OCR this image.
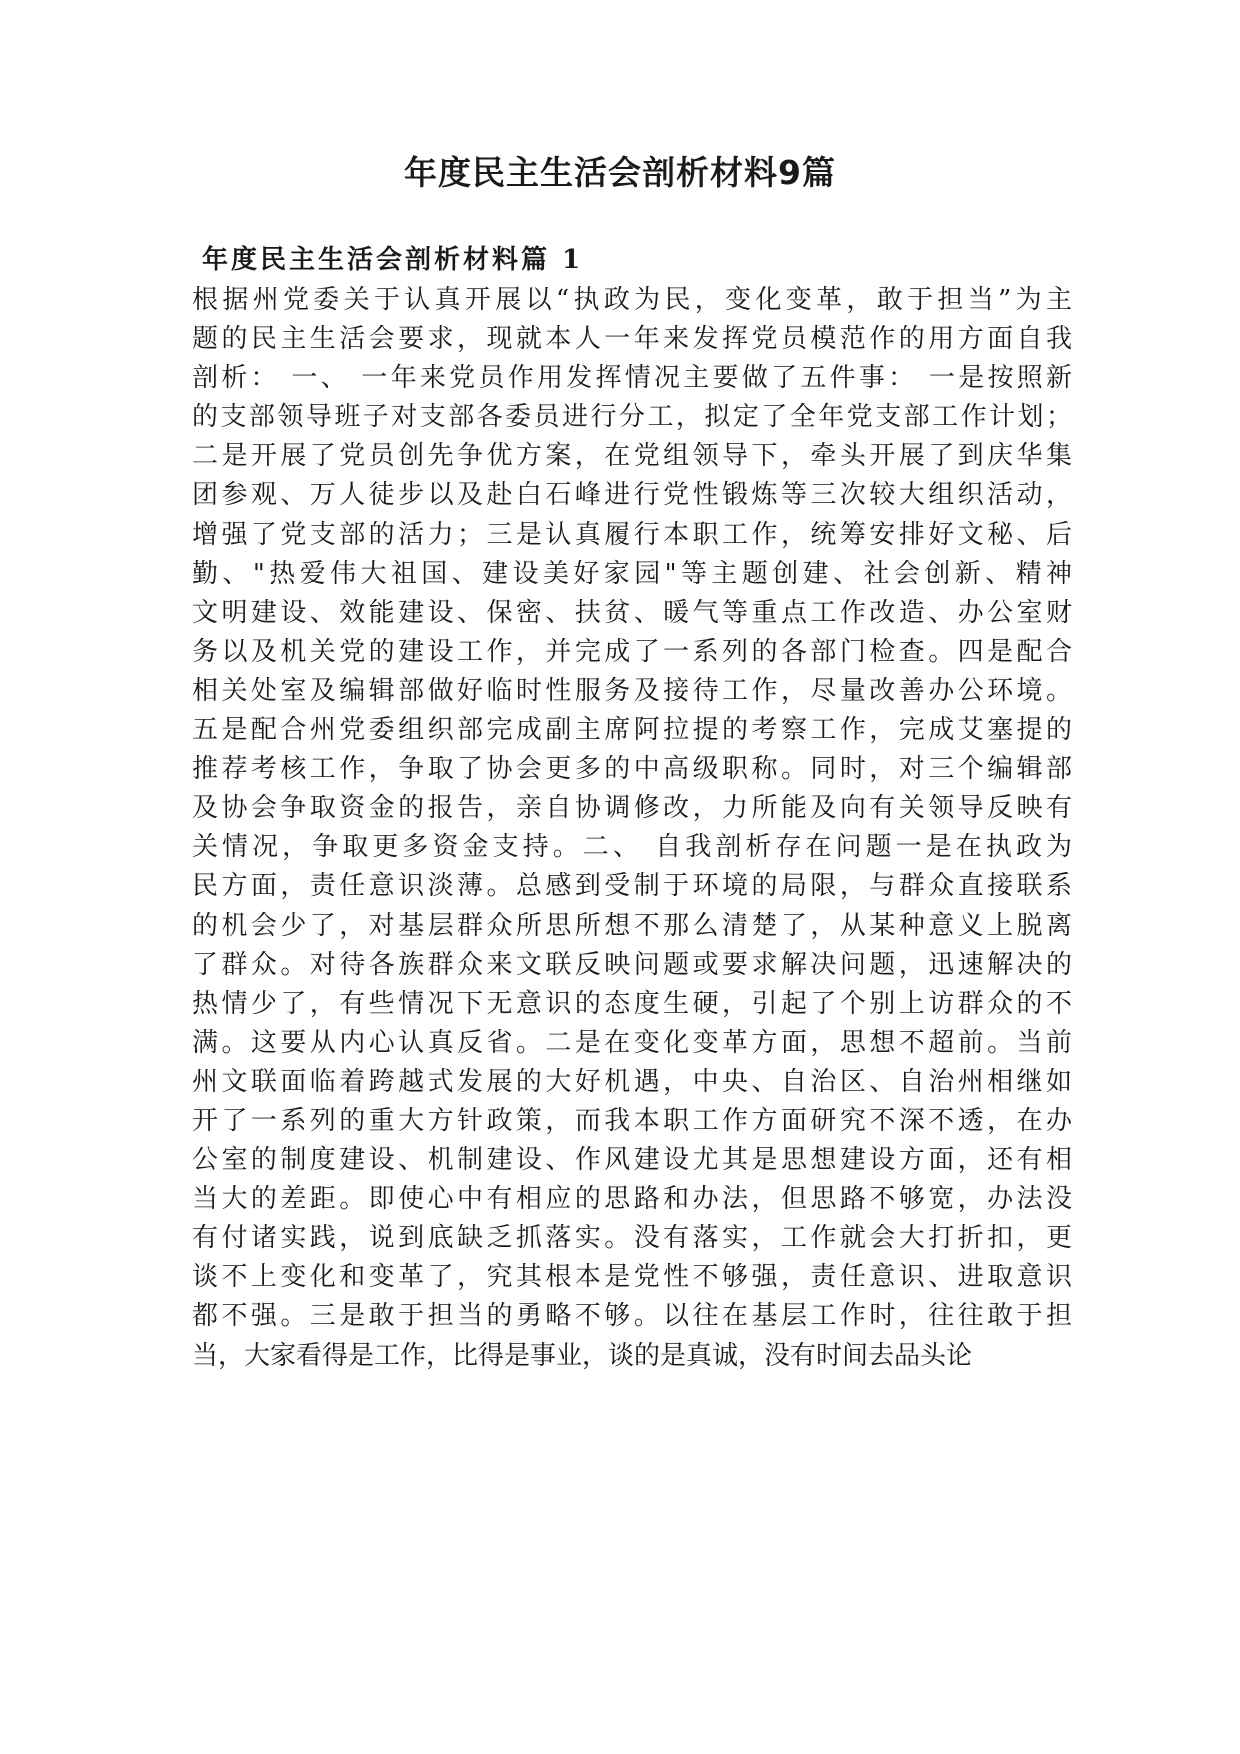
年度民主生活会剖析材料9篇
年度民主生活会剖析材料篇 1
根据州党委关于认真开展以“执政为民，变化变革，敢于担当”为主
题的民主生活会要求，现就本人一年来发挥党员模范作的用方面自我
剖析： 一、 一年来党员作用发挥情况主要做了五件事： 一是按照新
的支部领导班子对支部各委员进行分工，拟定了全年党支部工作计划；
二是开展了党员创先争优方案，在党组领导下，牵头开展了到庆华集
团参观、万人徒步以及赴白石峰进行党性锻炼等三次较大组织活动，
增强了党支部的活力；三是认真履行本职工作，统筹安排好文秘、后
勤、"热爱伟大祖国、建设美好家园"等主题创建、社会创新、精神
文明建设、效能建设、保密、扶贫、暖气等重点工作改造、办公室财
务以及机关党的建设工作，并完成了一系列的各部门检查。四是配合
相关处室及编辑部做好临时性服务及接待工作，尽量改善办公环境。
五是配合州党委组织部完成副主席阿拉提的考察工作，完成艾塞提的
推荐考核工作，争取了协会更多的中高级职称。同时，对三个编辑部
及协会争取资金的报告，亲自协调修改，力所能及向有关领导反映有
关情况，争取更多资金支持。二、 自我剖析存在问题一是在执政为
民方面，责任意识淡薄。总感到受制于环境的局限，与群众直接联系
的机会少了，对基层群众所思所想不那么清楚了，从某种意义上脱离
了群众。对待各族群众来文联反映问题或要求解决问题，迅速解决的
热情少了，有些情况下无意识的态度生硬，引起了个别上访群众的不
满。这要从内心认真反省。二是在变化变革方面，思想不超前。当前
州文联面临着跨越式发展的大好机遇，中央、自治区、自治州相继如
开了一系列的重大方针政策，而我本职工作方面研究不深不透，在办
公室的制度建设、机制建设、作风建设尤其是思想建设方面，还有相
当大的差距。即使心中有相应的思路和办法，但思路不够宽，办法没
有付诸实践，说到底缺乏抓落实。没有落实，工作就会大打折扣，更
谈不上变化和变革了，究其根本是党性不够强，责任意识、进取意识
都不强。三是敢于担当的勇略不够。以往在基层工作时，往往敢于担
当，大家看得是工作，比得是事业，谈的是真诚，没有时间去品头论
